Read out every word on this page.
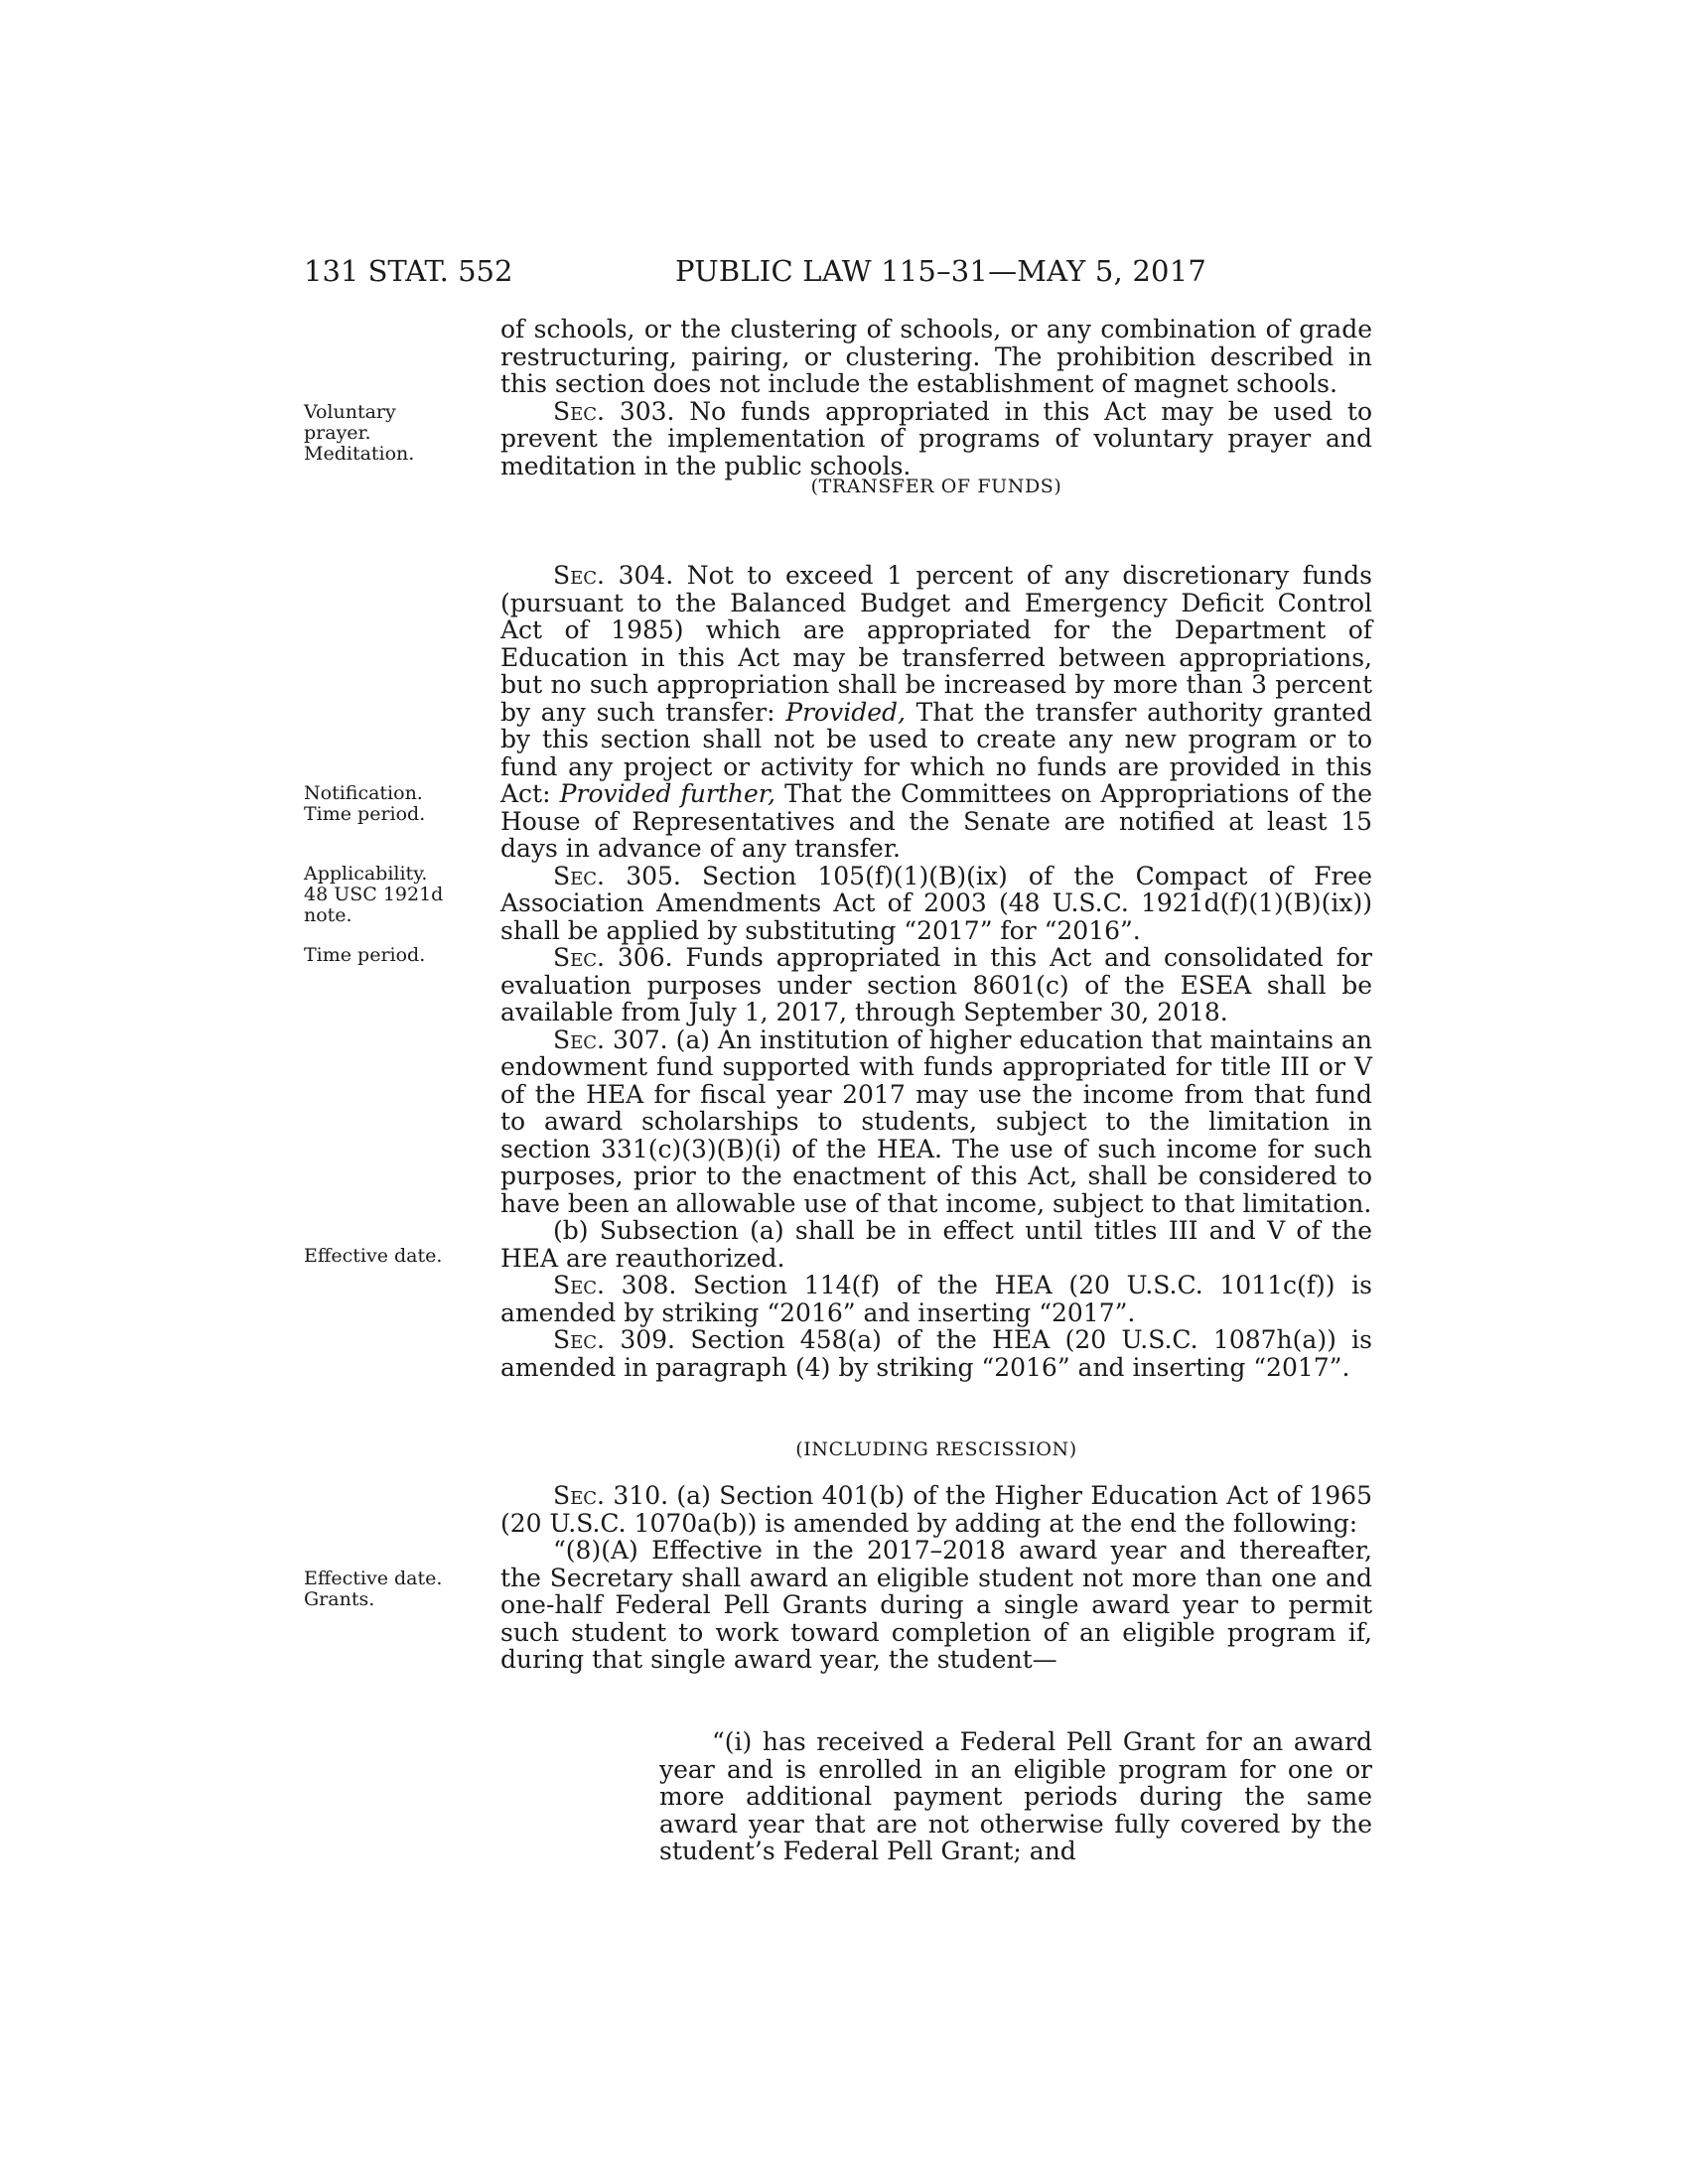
131 STAT. 552	PUBLIC LAW 115–31—MAY 5, 2017

of schools, or the clustering of schools, or any combination of grade restructuring, pairing, or clustering. The prohibition described in this section does not include the establishment of magnet schools.

Sec. 303. No funds appropriated in this Act may be used to prevent the implementation of programs of voluntary prayer and meditation in the public schools.

Voluntary
prayer.
Meditation.
(TRANSFER OF FUNDS)

Sec. 304. Not to exceed 1 percent of any discretionary funds (pursuant to the Balanced Budget and Emergency Deficit Control Act of 1985) which are appropriated for the Department of Education in this Act may be transferred between appropriations, but no such appropriation shall be increased by more than 3 percent by any such transfer: Provided, That the transfer authority granted by this section shall not be used to create any new program or to fund any project or activity for which no funds are provided in this Act: Provided further, That the Committees on Appropriations of the House of Representatives and the Senate are notified at least 15 days in advance of any transfer.

Sec. 305. Section 105(f)(1)(B)(ix) of the Compact of Free Association Amendments Act of 2003 (48 U.S.C. 1921d(f)(1)(B)(ix)) shall be applied by substituting “2017” for “2016”.

Sec. 306. Funds appropriated in this Act and consolidated for evaluation purposes under section 8601(c) of the ESEA shall be available from July 1, 2017, through September 30, 2018.

Sec. 307. (a) An institution of higher education that maintains an endowment fund supported with funds appropriated for title III or V of the HEA for fiscal year 2017 may use the income from that fund to award scholarships to students, subject to the limitation in section 331(c)(3)(B)(i) of the HEA. The use of such income for such purposes, prior to the enactment of this Act, shall be considered to have been an allowable use of that income, subject to that limitation.

(b) Subsection (a) shall be in effect until titles III and V of the HEA are reauthorized.

Sec. 308. Section 114(f) of the HEA (20 U.S.C. 1011c(f)) is amended by striking “2016” and inserting “2017”.

Sec. 309. Section 458(a) of the HEA (20 U.S.C. 1087h(a)) is amended in paragraph (4) by striking “2016” and inserting “2017”.

Notification.
Time period.
Applicability.
48 USC 1921d
note.
Time period.
Effective date.
(INCLUDING RESCISSION)

Sec. 310. (a) Section 401(b) of the Higher Education Act of 1965 (20 U.S.C. 1070a(b)) is amended by adding at the end the following:

“(8)(A) Effective in the 2017–2018 award year and thereafter, the Secretary shall award an eligible student not more than one and one-half Federal Pell Grants during a single award year to permit such student to work toward completion of an eligible program if, during that single award year, the student—

Effective date.
Grants.

“(i) has received a Federal Pell Grant for an award year and is enrolled in an eligible program for one or more additional payment periods during the same award year that are not otherwise fully covered by the student’s Federal Pell Grant; and
